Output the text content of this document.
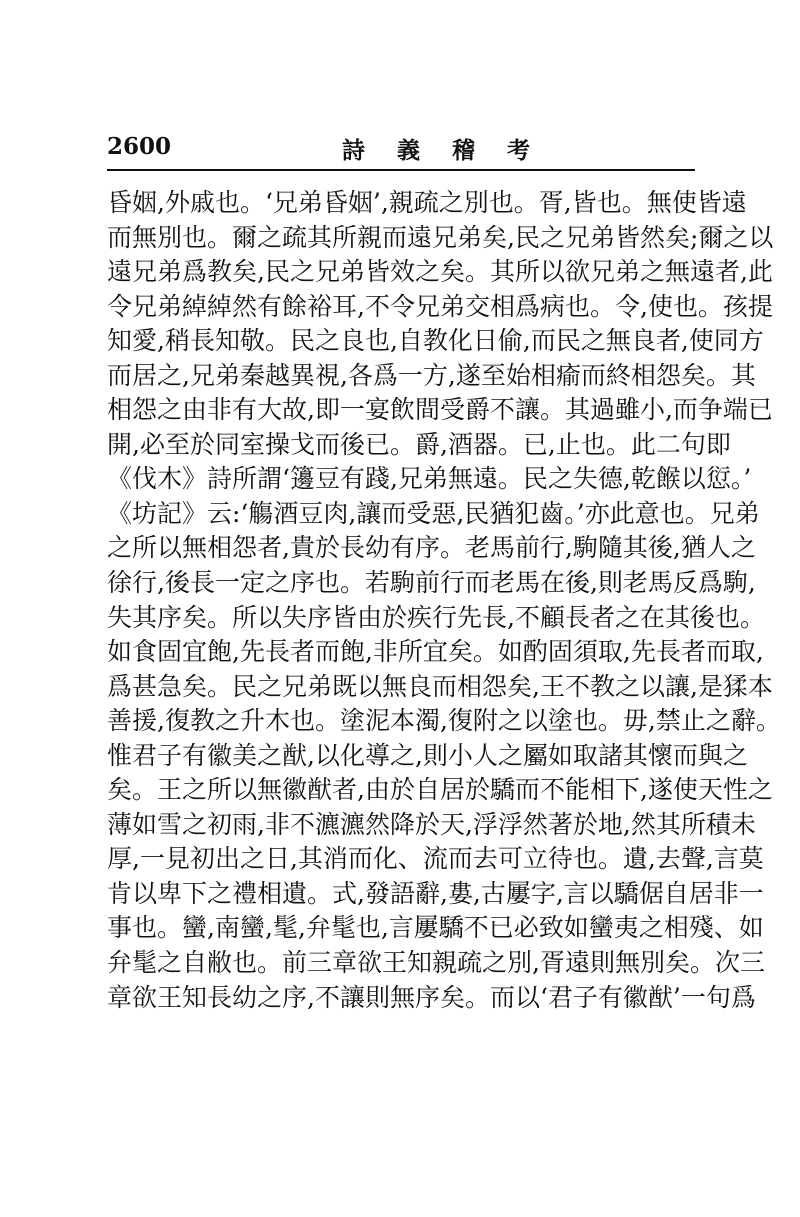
2600	詩 義 稽 考
昏姻,外戚也。‘兄弟昏姻’,親疏之別也。胥,皆也。無使皆遠
而無別也。爾之疏其所親而遠兄弟矣,民之兄弟皆然矣;爾之以
遠兄弟爲教矣,民之兄弟皆效之矣。其所以欲兄弟之無遠者,此
令兄弟綽綽然有餘裕耳,不令兄弟交相爲病也。令,使也。孩提
知愛,稍長知敬。民之良也,自教化日偷,而民之無良者,使同方
而居之,兄弟秦越異視,各爲一方,遂至始相瘉而終相怨矣。其
相怨之由非有大故,即一宴飲間受爵不讓。其過雖小,而争端已
開,必至於同室操戈而後已。爵,酒器。已,止也。此二句即
《伐木》詩所謂‘籩豆有踐,兄弟無遠。民之失德,乾餱以愆。’
《坊記》云:‘觴酒豆肉,讓而受惡,民猶犯齒。’亦此意也。兄弟
之所以無相怨者,貴於長幼有序。老馬前行,駒隨其後,猶人之
徐行,後長一定之序也。若駒前行而老馬在後,則老馬反爲駒,
失其序矣。所以失序皆由於疾行先長,不顧長者之在其後也。
如食固宜飽,先長者而飽,非所宜矣。如酌固須取,先長者而取,
爲甚急矣。民之兄弟既以無良而相怨矣,王不教之以讓,是猱本
善援,復教之升木也。塗泥本濁,復附之以塗也。毋,禁止之辭。
惟君子有徽美之猷,以化導之,則小人之屬如取諸其懷而與之
矣。王之所以無徽猷者,由於自居於驕而不能相下,遂使天性之
薄如雪之初雨,非不瀌瀌然降於天,浮浮然著於地,然其所積未
厚,一見初出之日,其消而化、流而去可立待也。遺,去聲,言莫
肯以卑下之禮相遺。式,發語辭,婁,古屢字,言以驕倨自居非一
事也。蠻,南蠻,髦,弁髦也,言屢驕不已必致如蠻夷之相殘、如
弁髦之自敝也。前三章欲王知親疏之別,胥遠則無別矣。次三
章欲王知長幼之序,不讓則無序矣。而以‘君子有徽猷’一句爲
